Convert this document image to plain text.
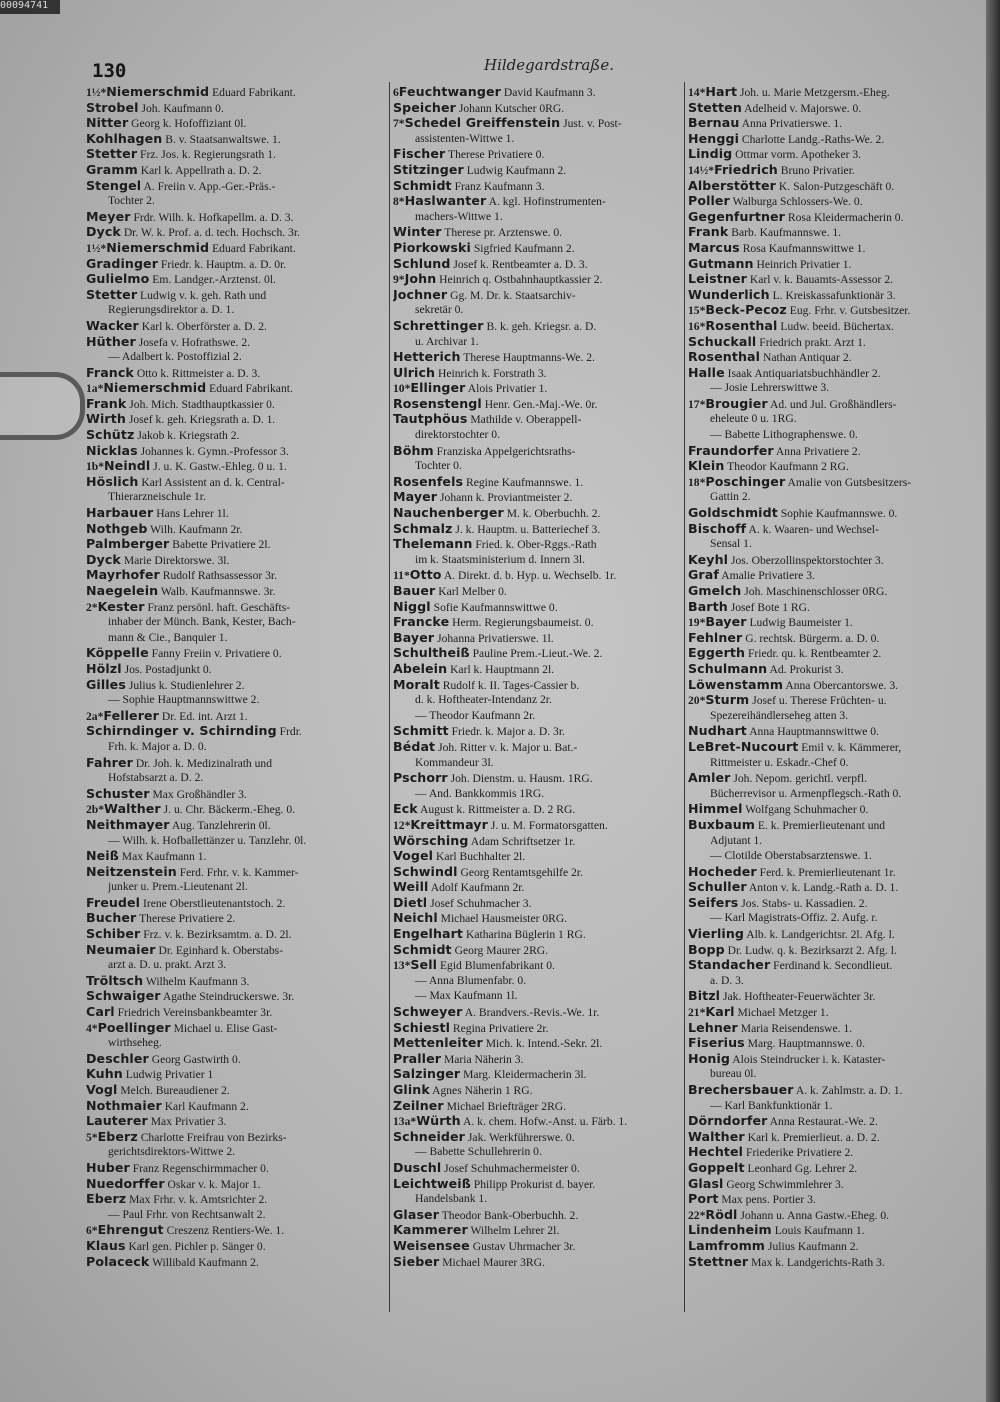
00094741
130	Hildegardstraße.
1½*Niemerschmid Eduard Fabrikant.
Strobel Joh. Kaufmann 0.
Nitter Georg k. Hofoffiziant 0l.
Kohlhagen B. v. Staatsanwaltswe. 1.
Stetter Frz. Jos. k. Regierungsrath 1.
Gramm Karl k. Appellrath a. D. 2.
Stengel A. Freiin v. App.-Ger.-Präs.-
Tochter 2.
Meyer Frdr. Wilh. k. Hofkapellm. a. D. 3.
Dyck Dr. W. k. Prof. a. d. tech. Hochsch. 3r.
1½*Niemerschmid Eduard Fabrikant.
Gradinger Friedr. k. Hauptm. a. D. 0r.
Gulielmo Em. Landger.-Arztenst. 0l.
Stetter Ludwig v. k. geh. Rath und
Regierungsdirektor a. D. 1.
Wacker Karl k. Oberförster a. D. 2.
Hüther Josefa v. Hofrathswe. 2.
— Adalbert k. Postoffizial 2.
Franck Otto k. Rittmeister a. D. 3.
1a*Niemerschmid Eduard Fabrikant.
Frank Joh. Mich. Stadthauptkassier 0.
Wirth Josef k. geh. Kriegsrath a. D. 1.
Schütz Jakob k. Kriegsrath 2.
Nicklas Johannes k. Gymn.-Professor 3.
1b*Neindl J. u. K. Gastw.-Ehleg. 0 u. 1.
Höslich Karl Assistent an d. k. Central-
Thierarzneischule 1r.
Harbauer Hans Lehrer 1l.
Nothgeb Wilh. Kaufmann 2r.
Palmberger Babette Privatiere 2l.
Dyck Marie Direktorswe. 3l.
Mayrhofer Rudolf Rathsassessor 3r.
Naegelein Walb. Kaufmannswe. 3r.
2*Kester Franz persönl. haft. Geschäfts-
inhaber der Münch. Bank, Kester, Bach-
mann & Cie., Banquier 1.
Köppelle Fanny Freiin v. Privatiere 0.
Hölzl Jos. Postadjunkt 0.
Gilles Julius k. Studienlehrer 2.
— Sophie Hauptmannswittwe 2.
2a*Fellerer Dr. Ed. int. Arzt 1.
Schirndinger v. Schirnding Frdr.
Frh. k. Major a. D. 0.
Fahrer Dr. Joh. k. Medizinalrath und
Hofstabsarzt a. D. 2.
Schuster Max Großhändler 3.
2b*Walther J. u. Chr. Bäckerm.-Eheg. 0.
Neithmayer Aug. Tanzlehrerin 0l.
— Wilh. k. Hofballettänzer u. Tanzlehr. 0l.
Neiß Max Kaufmann 1.
Neitzenstein Ferd. Frhr. v. k. Kammer-
junker u. Prem.-Lieutenant 2l.
Freudel Irene Oberstlieutenantstoch. 2.
Bucher Therese Privatiere 2.
Schiber Frz. v. k. Bezirksamtm. a. D. 2l.
Neumaier Dr. Eginhard k. Oberstabs-
arzt a. D. u. prakt. Arzt 3.
Tröltsch Wilhelm Kaufmann 3.
Schwaiger Agathe Steindruckerswe. 3r.
Carl Friedrich Vereinsbankbeamter 3r.
4*Poellinger Michael u. Elise Gast-
wirthseheg.
Deschler Georg Gastwirth 0.
Kuhn Ludwig Privatier 1
Vogl Melch. Bureaudiener 2.
Nothmaier Karl Kaufmann 2.
Lauterer Max Privatier 3.
5*Eberz Charlotte Freifrau von Bezirks-
gerichtsdirektors-Wittwe 2.
Huber Franz Regenschirmmacher 0.
Nuedorffer Oskar v. k. Major 1.
Eberz Max Frhr. v. k. Amtsrichter 2.
— Paul Frhr. von Rechtsanwalt 2.
6*Ehrengut Creszenz Rentiers-We. 1.
Klaus Karl gen. Pichler p. Sänger 0.
Polaceck Willibald Kaufmann 2.
6Feuchtwanger David Kaufmann 3.
Speicher Johann Kutscher 0RG.
7*Schedel Greiffenstein Just. v. Post-
assistenten-Wittwe 1.
Fischer Therese Privatiere 0.
Stitzinger Ludwig Kaufmann 2.
Schmidt Franz Kaufmann 3.
8*Haslwanter A. kgl. Hofinstrumenten-
machers-Wittwe 1.
Winter Therese pr. Arztenswe. 0.
Piorkowski Sigfried Kaufmann 2.
Schlund Josef k. Rentbeamter a. D. 3.
9*John Heinrich q. Ostbahnhauptkassier 2.
Jochner Gg. M. Dr. k. Staatsarchiv-
sekretär 0.
Schrettinger B. k. geh. Kriegsr. a. D.
u. Archivar 1.
Hetterich Therese Hauptmanns-We. 2.
Ulrich Heinrich k. Forstrath 3.
10*Ellinger Alois Privatier 1.
Rosenstengl Henr. Gen.-Maj.-We. 0r.
Tautphöus Mathilde v. Oberappell-
direktorstochter 0.
Böhm Franziska Appelgerichtsraths-
Tochter 0.
Rosenfels Regine Kaufmannswe. 1.
Mayer Johann k. Proviantmeister 2.
Nauchenberger M. k. Oberbuchh. 2.
Schmalz J. k. Hauptm. u. Batteriechef 3.
Thelemann Fried. k. Ober-Rggs.-Rath
im k. Staatsministerium d. Innern 3l.
11*Otto A. Direkt. d. b. Hyp. u. Wechselb. 1r.
Bauer Karl Melber 0.
Niggl Sofie Kaufmannswittwe 0.
Francke Herm. Regierungsbaumeist. 0.
Bayer Johanna Privatierswe. 1l.
Schultheiß Pauline Prem.-Lieut.-We. 2.
Abelein Karl k. Hauptmann 2l.
Moralt Rudolf k. II. Tages-Cassier b.
d. k. Hoftheater-Intendanz 2r.
— Theodor Kaufmann 2r.
Schmitt Friedr. k. Major a. D. 3r.
Bédat Joh. Ritter v. k. Major u. Bat.-
Kommandeur 3l.
Pschorr Joh. Dienstm. u. Hausm. 1RG.
— And. Bankkommis 1RG.
Eck August k. Rittmeister a. D. 2 RG.
12*Kreittmayr J. u. M. Formatorsgatten.
Wörsching Adam Schriftsetzer 1r.
Vogel Karl Buchhalter 2l.
Schwindl Georg Rentamtsgehilfe 2r.
Weill Adolf Kaufmann 2r.
Dietl Josef Schuhmacher 3.
Neichl Michael Hausmeister 0RG.
Engelhart Katharina Büglerin 1 RG.
Schmidt Georg Maurer 2RG.
13*Sell Egid Blumenfabrikant 0.
— Anna Blumenfabr. 0.
— Max Kaufmann 1l.
Schweyer A. Brandvers.-Revis.-We. 1r.
Schiestl Regina Privatiere 2r.
Mettenleiter Mich. k. Intend.-Sekr. 2l.
Praller Maria Näherin 3.
Salzinger Marg. Kleidermacherin 3l.
Glink Agnes Näherin 1 RG.
Zeilner Michael Briefträger 2RG.
13a*Würth A. k. chem. Hofw.-Anst. u. Färb. 1.
Schneider Jak. Werkführerswe. 0.
— Babette Schullehrerin 0.
Duschl Josef Schuhmachermeister 0.
Leichtweiß Philipp Prokurist d. bayer.
Handelsbank 1.
Glaser Theodor Bank-Oberbuchh. 2.
Kammerer Wilhelm Lehrer 2l.
Weisensee Gustav Uhrmacher 3r.
Sieber Michael Maurer 3RG.
14*Hart Joh. u. Marie Metzgersm.-Eheg.
Stetten Adelheid v. Majorswe. 0.
Bernau Anna Privatierswe. 1.
Henggi Charlotte Landg.-Raths-We. 2.
Lindig Ottmar vorm. Apotheker 3.
14½*Friedrich Bruno Privatier.
Alberstötter K. Salon-Putzgeschäft 0.
Poller Walburga Schlossers-We. 0.
Gegenfurtner Rosa Kleidermacherin 0.
Frank Barb. Kaufmannswe. 1.
Marcus Rosa Kaufmannswittwe 1.
Gutmann Heinrich Privatier 1.
Leistner Karl v. k. Bauamts-Assessor 2.
Wunderlich L. Kreiskassafunktionär 3.
15*Beck-Pecoz Eug. Frhr. v. Gutsbesitzer.
16*Rosenthal Ludw. beeid. Büchertax.
Schuckall Friedrich prakt. Arzt 1.
Rosenthal Nathan Antiquar 2.
Halle Isaak Antiquariatsbuchhändler 2.
— Josie Lehrerswittwe 3.
17*Brougier Ad. und Jul. Großhändlers-
eheleute 0 u. 1RG.
— Babette Lithographenswe. 0.
Fraundorfer Anna Privatiere 2.
Klein Theodor Kaufmann 2 RG.
18*Poschinger Amalie von Gutsbesitzers-
Gattin 2.
Goldschmidt Sophie Kaufmannswe. 0.
Bischoff A. k. Waaren- und Wechsel-
Sensal 1.
Keyhl Jos. Oberzollinspektorstochter 3.
Graf Amalie Privatiere 3.
Gmelch Joh. Maschinenschlosser 0RG.
Barth Josef Bote 1 RG.
19*Bayer Ludwig Baumeister 1.
Fehlner G. rechtsk. Bürgerm. a. D. 0.
Eggerth Friedr. qu. k. Rentbeamter 2.
Schulmann Ad. Prokurist 3.
Löwenstamm Anna Obercantorswe. 3.
20*Sturm Josef u. Therese Früchten- u.
Spezereihändlerseheg atten 3.
Nudhart Anna Hauptmannswittwe 0.
LeBret-Nucourt Emil v. k. Kämmerer,
Rittmeister u. Eskadr.-Chef 0.
Amler Joh. Nepom. gerichtl. verpfl.
Bücherrevisor u. Armenpflegsch.-Rath 0.
Himmel Wolfgang Schuhmacher 0.
Buxbaum E. k. Premierlieutenant und
Adjutant 1.
— Clotilde Oberstabsarztenswe. 1.
Hocheder Ferd. k. Premierlieutenant 1r.
Schuller Anton v. k. Landg.-Rath a. D. 1.
Seifers Jos. Stabs- u. Kassadien. 2.
— Karl Magistrats-Offiz. 2. Aufg. r.
Vierling Alb. k. Landgerichtsr. 2l. Afg. l.
Bopp Dr. Ludw. q. k. Bezirksarzt 2. Afg. l.
Standacher Ferdinand k. Secondlieut.
a. D. 3.
Bitzl Jak. Hoftheater-Feuerwächter 3r.
21*Karl Michael Metzger 1.
Lehner Maria Reisendenswe. 1.
Fiserius Marg. Hauptmannswe. 0.
Honig Alois Steindrucker i. k. Kataster-
bureau 0l.
Brechersbauer A. k. Zahlmstr. a. D. 1.
— Karl Bankfunktionär 1.
Dörndorfer Anna Restaurat.-We. 2.
Walther Karl k. Premierlieut. a. D. 2.
Hechtel Friederike Privatiere 2.
Goppelt Leonhard Gg. Lehrer 2.
Glasl Georg Schwimmlehrer 3.
Port Max pens. Portier 3.
22*Rödl Johann u. Anna Gastw.-Eheg. 0.
Lindenheim Louis Kaufmann 1.
Lamfromm Julius Kaufmann 2.
Stettner Max k. Landgerichts-Rath 3.
